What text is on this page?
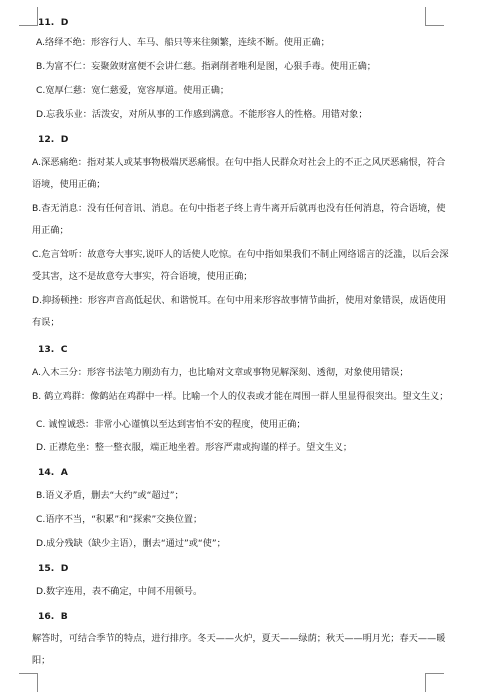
11. D
A.络绎不绝：形容行人、车马、船只等来往频繁，连续不断。使用正确；
B.为富不仁：妄聚敛财富便不会讲仁慈。指剥削者唯利是图，心狠手毒。使用正确；
C.宽厚仁慈：宽仁慈爱，宽容厚道。使用正确；
D.忘我乐业：活泼安，对所从事的工作感到满意。不能形容人的性格。用错对象；
12. D
A.深恶痛绝：指对某人或某事物极端厌恶痛恨。在句中指人民群众对社会上的不正之风厌恶痛恨，符合语境，使用正确；
B.杳无消息：没有任何音讯、消息。在句中指老子终上青牛离开后就再也没有任何消息，符合语境，使用正确；
C.危言耸听：故意夸大事实,说吓人的话使人吃惊。在句中指如果我们不制止网络谣言的泛滥，以后会深受其害，这不是故意夸大事实，符合语境，使用正确；
D.抑扬顿挫：形容声音高低起伏、和谐悦耳。在句中用来形容故事情节曲折，使用对象错误，成语使用有误；
13. C
A.入木三分：形容书法笔力刚劲有力，也比喻对文章或事物见解深刻、透彻，对象使用错误；
B. 鹤立鸡群：像鹤站在鸡群中一样。比喻一个人的仪表或才能在周围一群人里显得很突出。望文生义；
C. 诚惶诚恐：非常小心谨慎以至达到害怕不安的程度，使用正确；
D. 正襟危坐：整一整衣服，端正地坐着。形容严肃或拘谨的样子。望文生义；
14. A
B.语义矛盾，删去“大约”或“超过”；
C.语序不当，“积累”和“探索”交换位置；
D.成分残缺（缺少主语），删去“通过”或“使”；
15. D
D.数字连用，表不确定，中间不用顿号。
16. B
解答时，可结合季节的特点，进行排序。冬天——火炉，夏天——绿荫；秋天——明月光；春天——暖阳；
